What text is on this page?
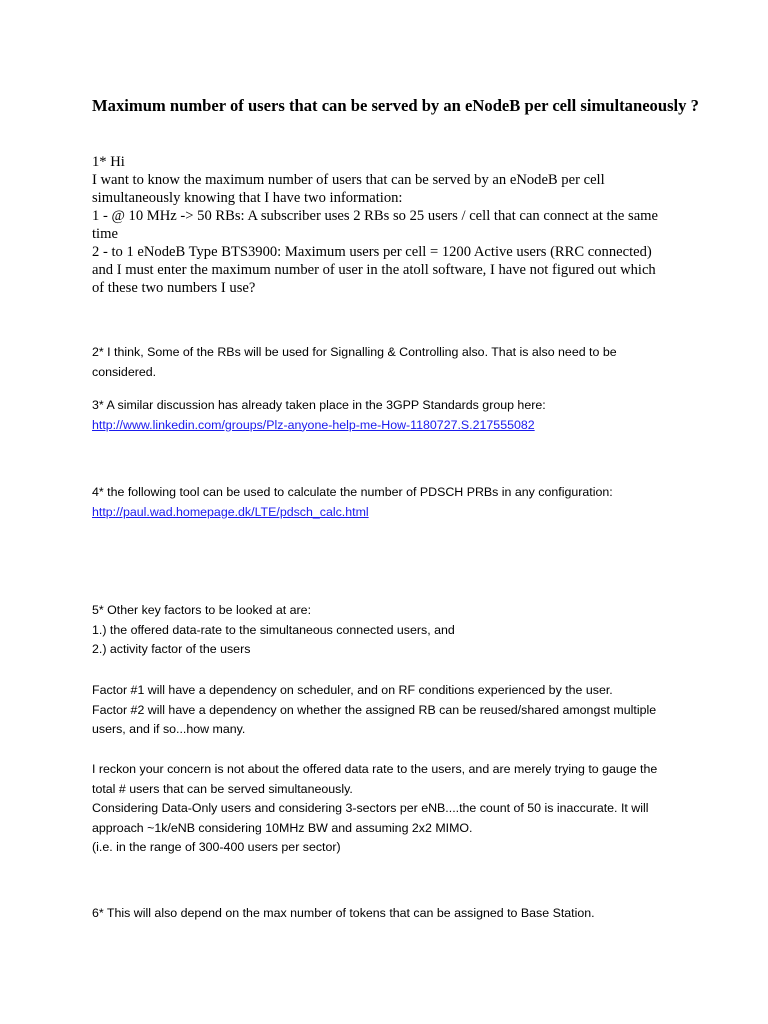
Maximum number of users that can be served by an eNodeB per cell simultaneously ?
1* Hi
I want to know the maximum number of users that can be served by an eNodeB per cell
simultaneously knowing that I have two information:
1 - @ 10 MHz -> 50 RBs: A subscriber uses 2 RBs so 25 users / cell that can connect at the same
time
2 - to 1 eNodeB Type BTS3900: Maximum users per cell = 1200 Active users (RRC connected)
and I must enter the maximum number of user in the atoll software, I have not figured out which
of these two numbers I use?
2* I think, Some of the RBs will be used for Signalling & Controlling also. That is also need to be
considered.
3* A similar discussion has already taken place in the 3GPP Standards group here:
http://www.linkedin.com/groups/Plz-anyone-help-me-How-1180727.S.217555082
4* the following tool can be used to calculate the number of PDSCH PRBs in any configuration:
http://paul.wad.homepage.dk/LTE/pdsch_calc.html
5* Other key factors to be looked at are:
1.) the offered data-rate to the simultaneous connected users, and
2.) activity factor of the users
Factor #1 will have a dependency on scheduler, and on RF conditions experienced by the user.
Factor #2 will have a dependency on whether the assigned RB can be reused/shared amongst multiple
users, and if so...how many.
I reckon your concern is not about the offered data rate to the users, and are merely trying to gauge the
total # users that can be served simultaneously.
Considering Data-Only users and considering 3-sectors per eNB....the count of 50 is inaccurate. It will
approach ~1k/eNB considering 10MHz BW and assuming 2x2 MIMO.
(i.e. in the range of 300-400 users per sector)
6* This will also depend on the max number of tokens that can be assigned to Base Station.
